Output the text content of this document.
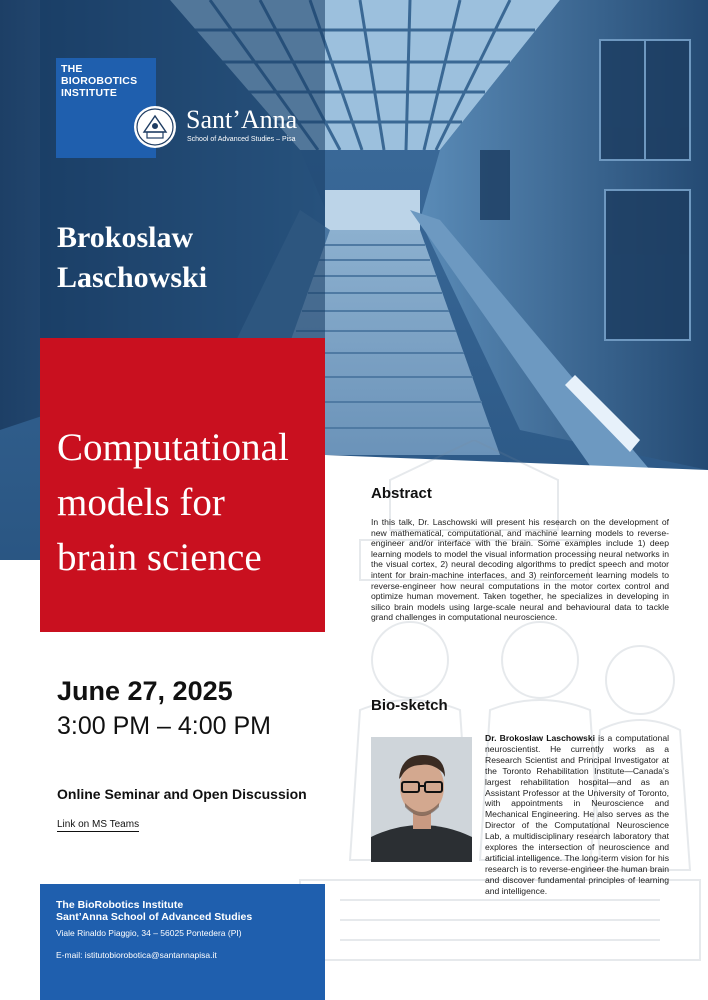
THE BIOROBOTICS INSTITUTE
Sant’Anna
School of Advanced Studies – Pisa
Brokoslaw
Laschowski
Computational
models for
brain science
June 27, 2025
3:00 PM – 4:00 PM
Online Seminar and Open Discussion
Link on MS Teams
The BioRobotics Institute
Sant’Anna School of Advanced Studies
Viale Rinaldo Piaggio, 34 – 56025 Pontedera (PI)
E-mail: istitutobiorobotica@santannapisa.it
Abstract
In this talk, Dr. Laschowski will present his research on the development of new mathematical, computational, and machine learning models to reverse-engineer and/or interface with the brain. Some examples include 1) deep learning models to model the visual information processing neural networks in the visual cortex, 2) neural decoding algorithms to predict speech and motor intent for brain-machine interfaces, and 3) reinforcement learning models to reverse-engineer how neural computations in the motor cortex control and optimize human movement. Taken together, he specializes in developing in silico brain models using large-scale neural and behavioural data to tackle grand challenges in computational neuroscience.
Bio-sketch
Dr. Brokoslaw Laschowski is a computational neuroscientist. He currently works as a Research Scientist and Principal Investigator at the Toronto Rehabilitation Institute—Canada’s largest rehabilitation hospital—and as an Assistant Professor at the University of Toronto, with appointments in Neuroscience and Mechanical Engineering. He also serves as the Director of the Computational Neuroscience Lab, a multidisciplinary research laboratory that explores the intersection of neuroscience and artificial intelligence. The long-term vision for his research is to reverse-engineer the human brain and discover fundamental principles of learning and intelligence.
